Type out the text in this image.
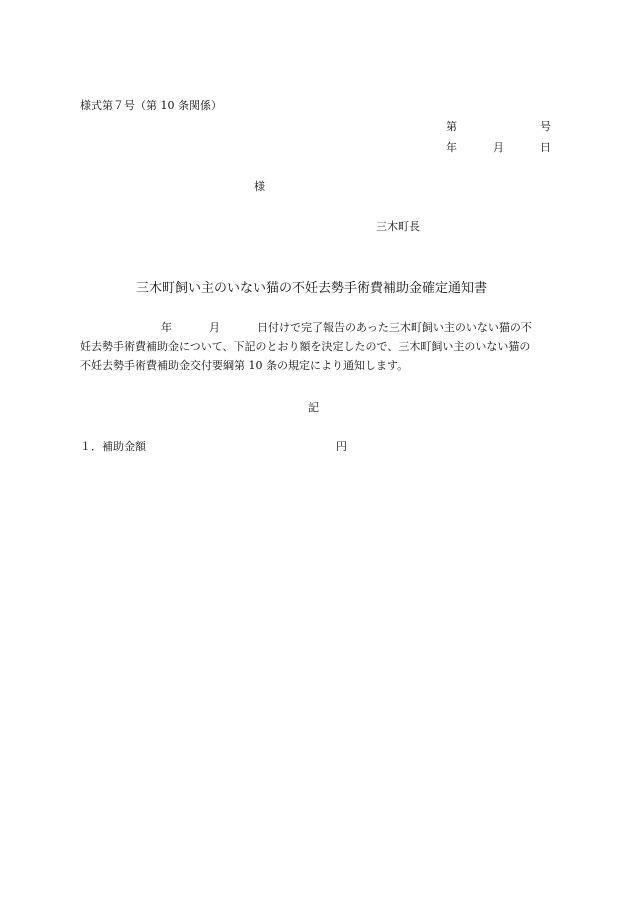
様式第７号（第 10 条関係）
第	号
年	月	日
様
三木町長
三木町飼い主のいない猫の不妊去勢手術費補助金確定通知書
年	月	日付けで完了報告のあった三木町飼い主のいない猫の不
妊去勢手術費補助金について、下記のとおり額を決定したので、三木町飼い主のいない猫の
不妊去勢手術費補助金交付要綱第 10 条の規定により通知します。
記
１．補助金額	円
